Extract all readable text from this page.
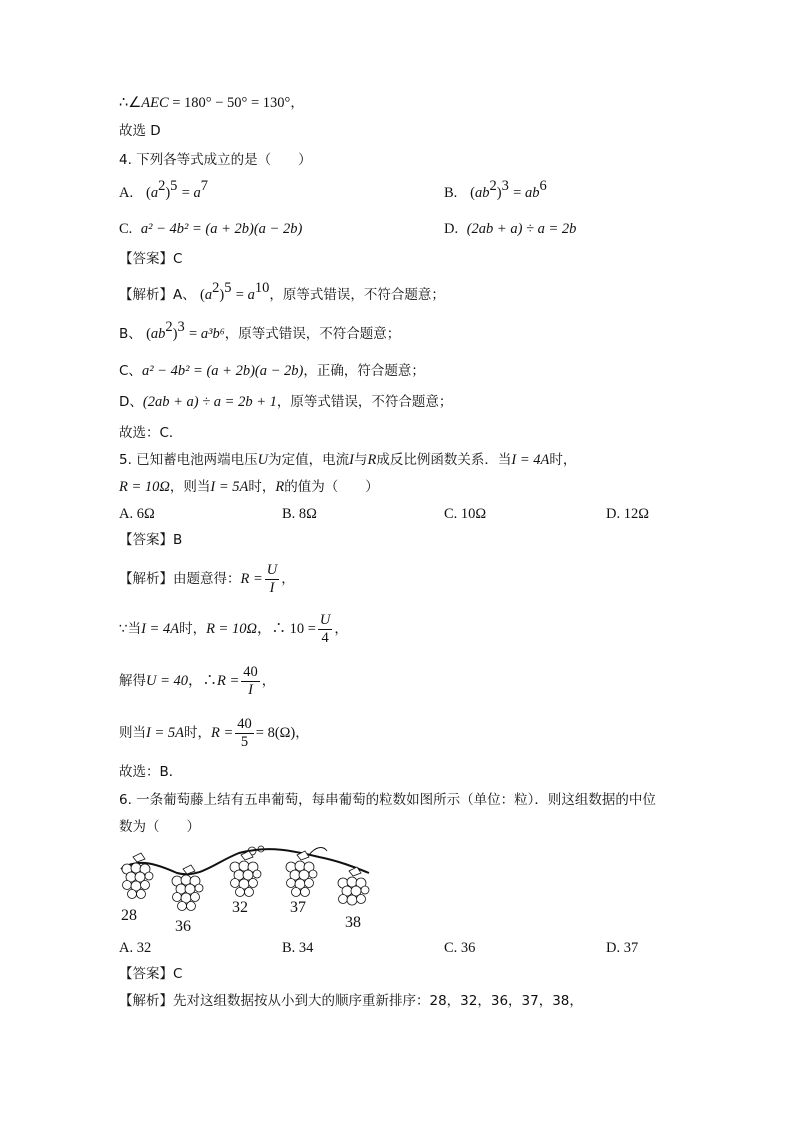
∴∠AEC = 180° − 50° = 130°，
故选 D
4. 下列各等式成立的是（　　）
A. $(a^2)^5 = a^7$	B. $(ab^2)^3 = ab^6$
C. a² − 4b² = (a + 2b)(a − 2b)	D. (2ab + a) ÷ a = 2b
【答案】C
【解析】A、 $(a^2)^5 = a^{10}$，原等式错误，不符合题意；
B、 $(ab^2)^3 = a^3b^6$，原等式错误，不符合题意；
C、a² − 4b² = (a + 2b)(a − 2b)，正确，符合题意；
D、(2ab + a) ÷ a = 2b + 1，原等式错误，不符合题意；
故选：C．
5. 已知蓄电池两端电压U为定值，电流I与R成反比例函数关系．当I = 4A时，
R = 10Ω，则当I = 5A时，R的值为（　　）
A. 6Ω	B. 8Ω	C. 10Ω	D. 12Ω
【答案】B
【解析】由题意得： $R = \frac{U}{I}$ ，
∵当 I = 4A 时， R = 10Ω ，∴ $10 = \frac{U}{4}$ ，
解得 U = 40 ，∴ $R = \frac{40}{I}$ ，
则当 I = 5A 时， $R = \frac{40}{5} = 8(\Omega)$ ，
故选：B．
6. 一条葡萄藤上结有五串葡萄，每串葡萄的粒数如图所示（单位：粒）．则这组数据的中位
数为（　　）
28
36
32	37
38
A. 32	B. 34	C. 36	D. 37
【答案】C
【解析】先对这组数据按从小到大的顺序重新排序：28，32，36，37，38，
